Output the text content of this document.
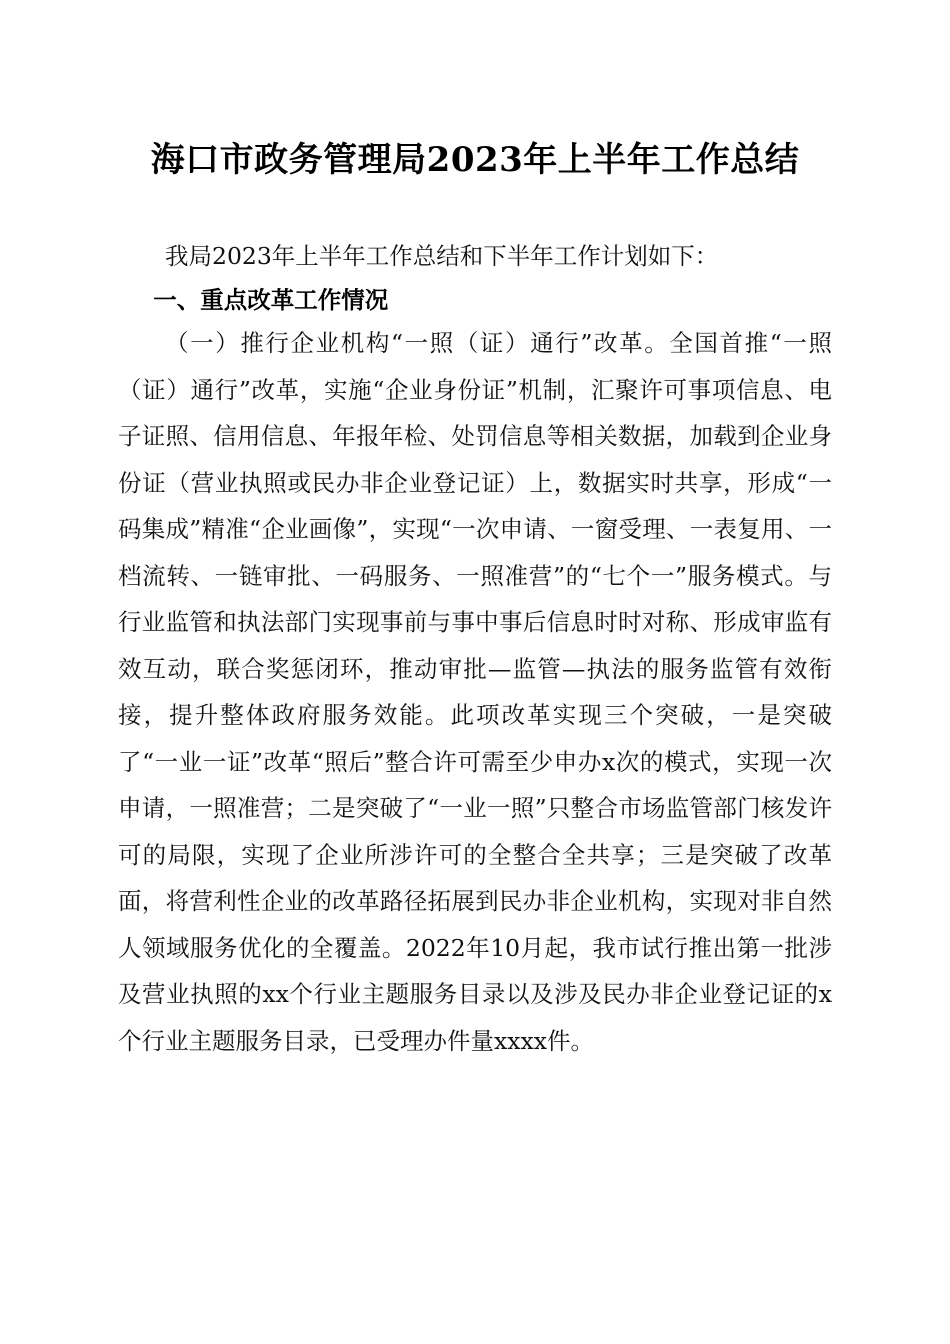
海口市政务管理局2023年上半年工作总结
我局2023年上半年工作总结和下半年工作计划如下：
一、重点改革工作情况
（一）推行企业机构“一照（证）通行”改革。全国首推“一照（证）通行”改革，实施“企业身份证”机制，汇聚许可事项信息、电子证照、信用信息、年报年检、处罚信息等相关数据，加载到企业身份证（营业执照或民办非企业登记证）上，数据实时共享，形成“一码集成”精准“企业画像”，实现“一次申请、一窗受理、一表复用、一档流转、一链审批、一码服务、一照准营”的“七个一”服务模式。与行业监管和执法部门实现事前与事中事后信息时时对称、形成审监有效互动，联合奖惩闭环，推动审批—监管—执法的服务监管有效衔接，提升整体政府服务效能。此项改革实现三个突破，一是突破了“一业一证”改革“照后”整合许可需至少申办x次的模式，实现一次申请，一照准营；二是突破了“一业一照”只整合市场监管部门核发许可的局限，实现了企业所涉许可的全整合全共享；三是突破了改革面，将营利性企业的改革路径拓展到民办非企业机构，实现对非自然人领域服务优化的全覆盖。2022年10月起，我市试行推出第一批涉及营业执照的xx个行业主题服务目录以及涉及民办非企业登记证的x个行业主题服务目录，已受理办件量xxxx件。
